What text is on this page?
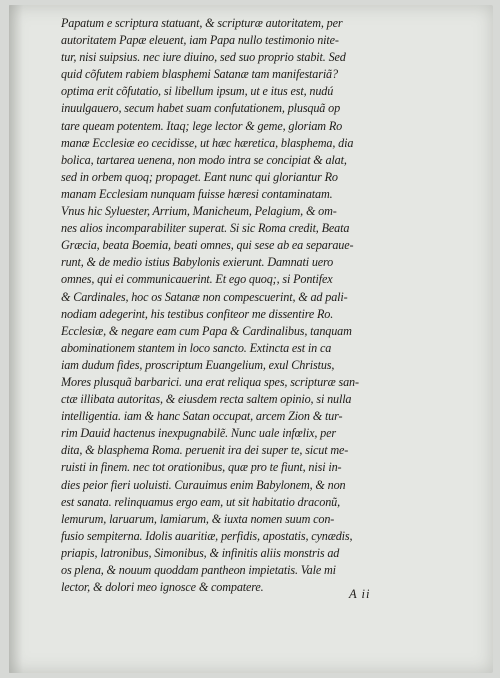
Papatum e scriptura statuant, & scripturæ autoritatem, per
autoritatem Papæ eleuent, iam Papa nullo testimonio nite-
tur, nisi suipsius. nec iure diuino, sed suo proprio stabit. Sed
quid cõfutem rabiem blasphemi Satanæ tam manifestariã?
optima erit cõfutatio, si libellum ipsum, ut e itus est, nudú
inuulgauero, secum habet suam confutationem, plusquã op
tare queam potentem. Itaq; lege lector & geme, gloriam Ro
manæ Ecclesiæ eo cecidisse, ut hæc hæretica, blasphema, dia
bolica, tartarea uenena, non modo intra se concipiat & alat,
sed in orbem quoq; propaget. Eant nunc qui gloriantur Ro
manam Ecclesiam nunquam fuisse hæresi contaminatam.
Vnus hic Syluester, Arrium, Manicheum, Pelagium, & om-
nes alios incomparabiliter superat. Si sic Roma credit, Beata
Græcia, beata Boemia, beati omnes, qui sese ab ea separaue-
runt, & de medio istius Babylonis exierunt. Damnati uero
omnes, qui ei communicauerint. Et ego quoq;, si Pontifex
& Cardinales, hoc os Satanæ non compescuerint, & ad pali-
nodiam adegerint, his testibus confiteor me dissentire Ro.
Ecclesiæ, & negare eam cum Papa & Cardinalibus, tanquam
abominationem stantem in loco sancto. Extincta est in ca
iam dudum fides, proscriptum Euangelium, exul Christus,
Mores plusquã barbarici. una erat reliqua spes, scripturæ san-
ctæ illibata autoritas, & eiusdem recta saltem opinio, si nulla
intelligentia. iam & hanc Satan occupat, arcem Zion & tur-
rim Dauid hactenus inexpugnabilẽ. Nunc uale infœlix, per
dita, & blasphema Roma. peruenit ira dei super te, sicut me-
ruisti in finem. nec tot orationibus, quæ pro te fiunt, nisi in-
dies peior fieri uoluisti. Curauimus enim Babylonem, & non
est sanata. relinquamus ergo eam, ut sit habitatio draconũ,
lemurum, laruarum, lamiarum, & iuxta nomen suum con-
fusio sempiterna. Idolis auaritiæ, perfidis, apostatis, cynædis,
priapis, latronibus, Simonibus, & infinitis aliis monstris ad
os plena, & nouum quoddam pantheon impietatis. Vale mi
lector, & dolori meo ignosce & compatere.	A ii
